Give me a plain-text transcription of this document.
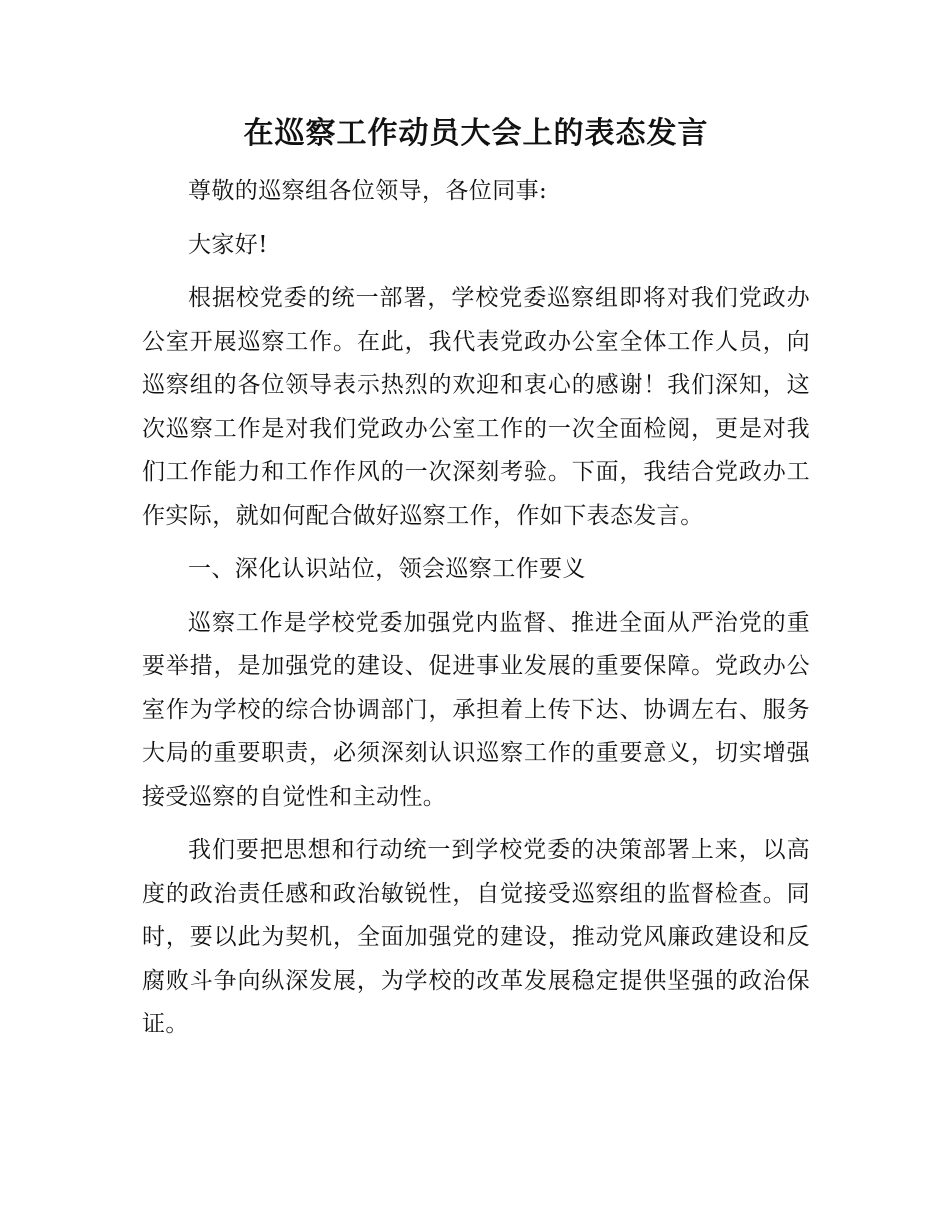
在巡察工作动员大会上的表态发言

尊敬的巡察组各位领导，各位同事:

大家好!

根据校党委的统一部署，学校党委巡察组即将对我们党政办公室开展巡察工作。在此，我代表党政办公室全体工作人员，向巡察组的各位领导表示热烈的欢迎和衷心的感谢！我们深知，这次巡察工作是对我们党政办公室工作的一次全面检阅，更是对我们工作能力和工作作风的一次深刻考验。下面，我结合党政办工作实际，就如何配合做好巡察工作，作如下表态发言。

一、深化认识站位，领会巡察工作要义

巡察工作是学校党委加强党内监督、推进全面从严治党的重要举措，是加强党的建设、促进事业发展的重要保障。党政办公室作为学校的综合协调部门，承担着上传下达、协调左右、服务大局的重要职责，必须深刻认识巡察工作的重要意义，切实增强接受巡察的自觉性和主动性。

我们要把思想和行动统一到学校党委的决策部署上来，以高度的政治责任感和政治敏锐性，自觉接受巡察组的监督检查。同时，要以此为契机，全面加强党的建设，推动党风廉政建设和反腐败斗争向纵深发展，为学校的改革发展稳定提供坚强的政治保证。
